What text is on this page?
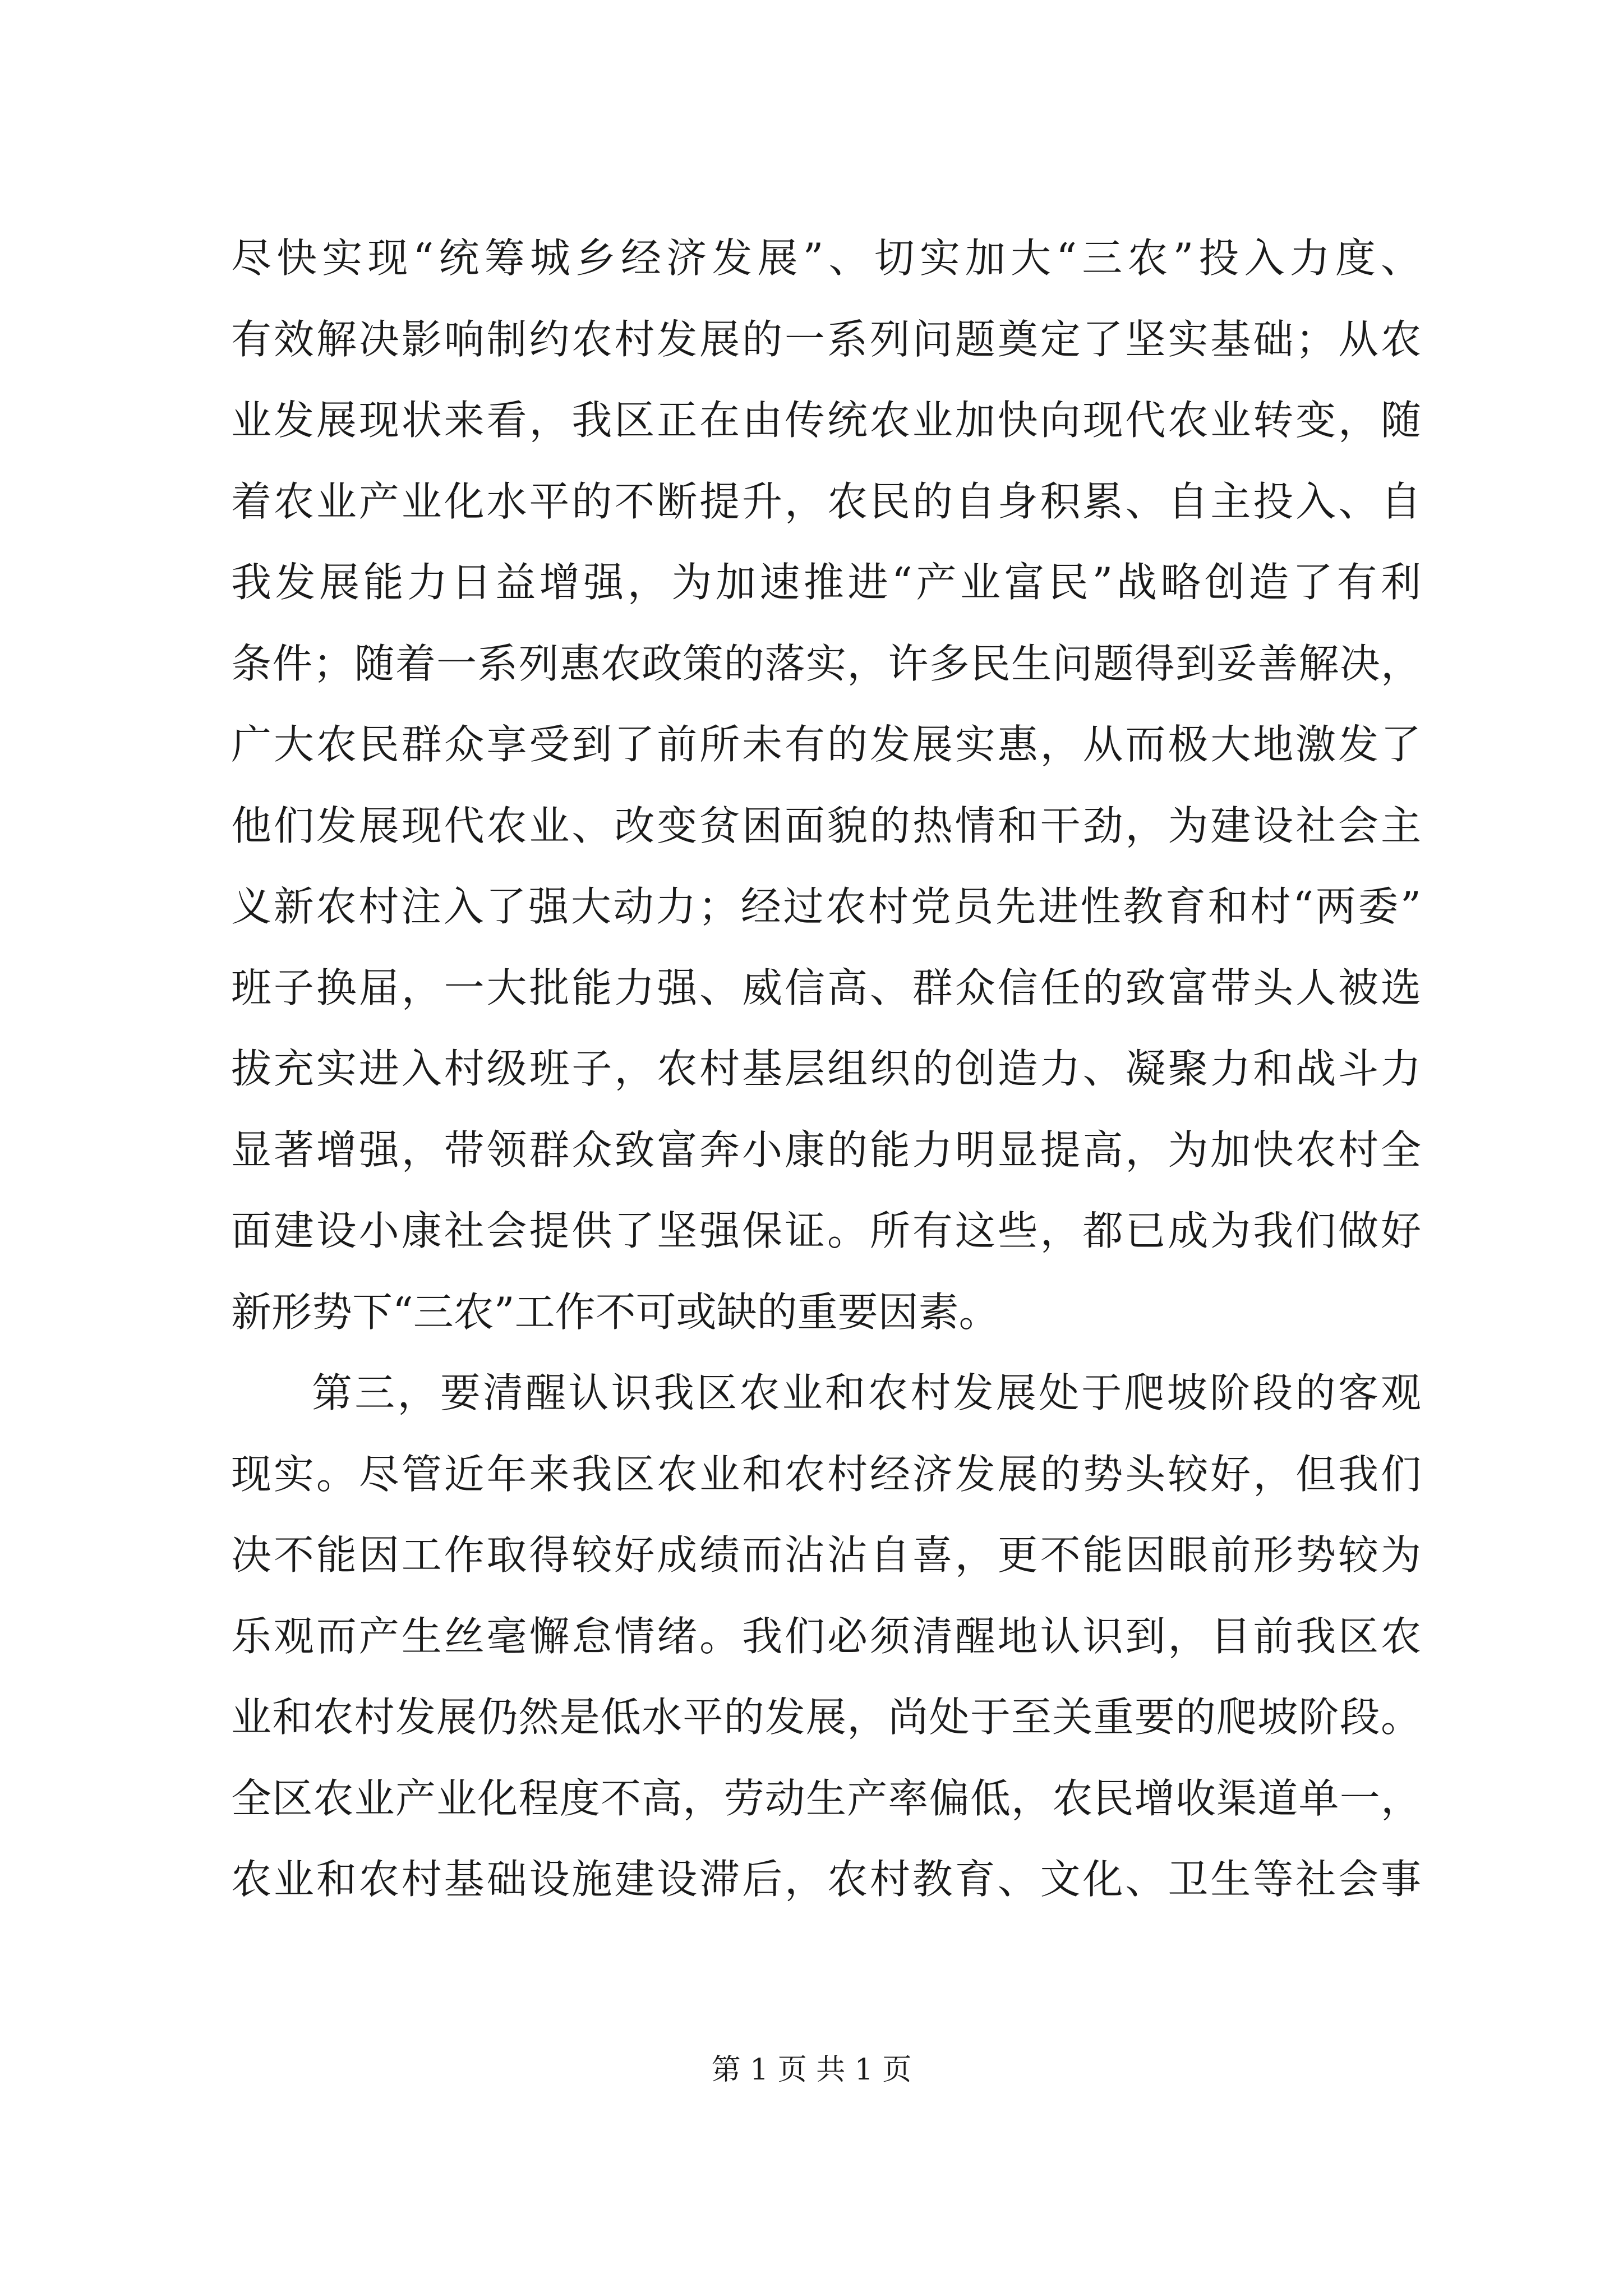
尽快实现“统筹城乡经济发展”、切实加大“三农”投入力度、
有效解决影响制约农村发展的一系列问题奠定了坚实基础；从农
业发展现状来看，我区正在由传统农业加快向现代农业转变，随
着农业产业化水平的不断提升，农民的自身积累、自主投入、自
我发展能力日益增强，为加速推进“产业富民”战略创造了有利
条件；随着一系列惠农政策的落实，许多民生问题得到妥善解决，
广大农民群众享受到了前所未有的发展实惠，从而极大地激发了
他们发展现代农业、改变贫困面貌的热情和干劲，为建设社会主
义新农村注入了强大动力；经过农村党员先进性教育和村“两委”
班子换届，一大批能力强、威信高、群众信任的致富带头人被选
拔充实进入村级班子，农村基层组织的创造力、凝聚力和战斗力
显著增强，带领群众致富奔小康的能力明显提高，为加快农村全
面建设小康社会提供了坚强保证。所有这些，都已成为我们做好
新形势下“三农”工作不可或缺的重要因素。
第三，要清醒认识我区农业和农村发展处于爬坡阶段的客观
现实。尽管近年来我区农业和农村经济发展的势头较好，但我们
决不能因工作取得较好成绩而沾沾自喜，更不能因眼前形势较为
乐观而产生丝毫懈怠情绪。我们必须清醒地认识到，目前我区农
业和农村发展仍然是低水平的发展，尚处于至关重要的爬坡阶段。
全区农业产业化程度不高，劳动生产率偏低，农民增收渠道单一，
农业和农村基础设施建设滞后，农村教育、文化、卫生等社会事
第 1 页 共 1 页
